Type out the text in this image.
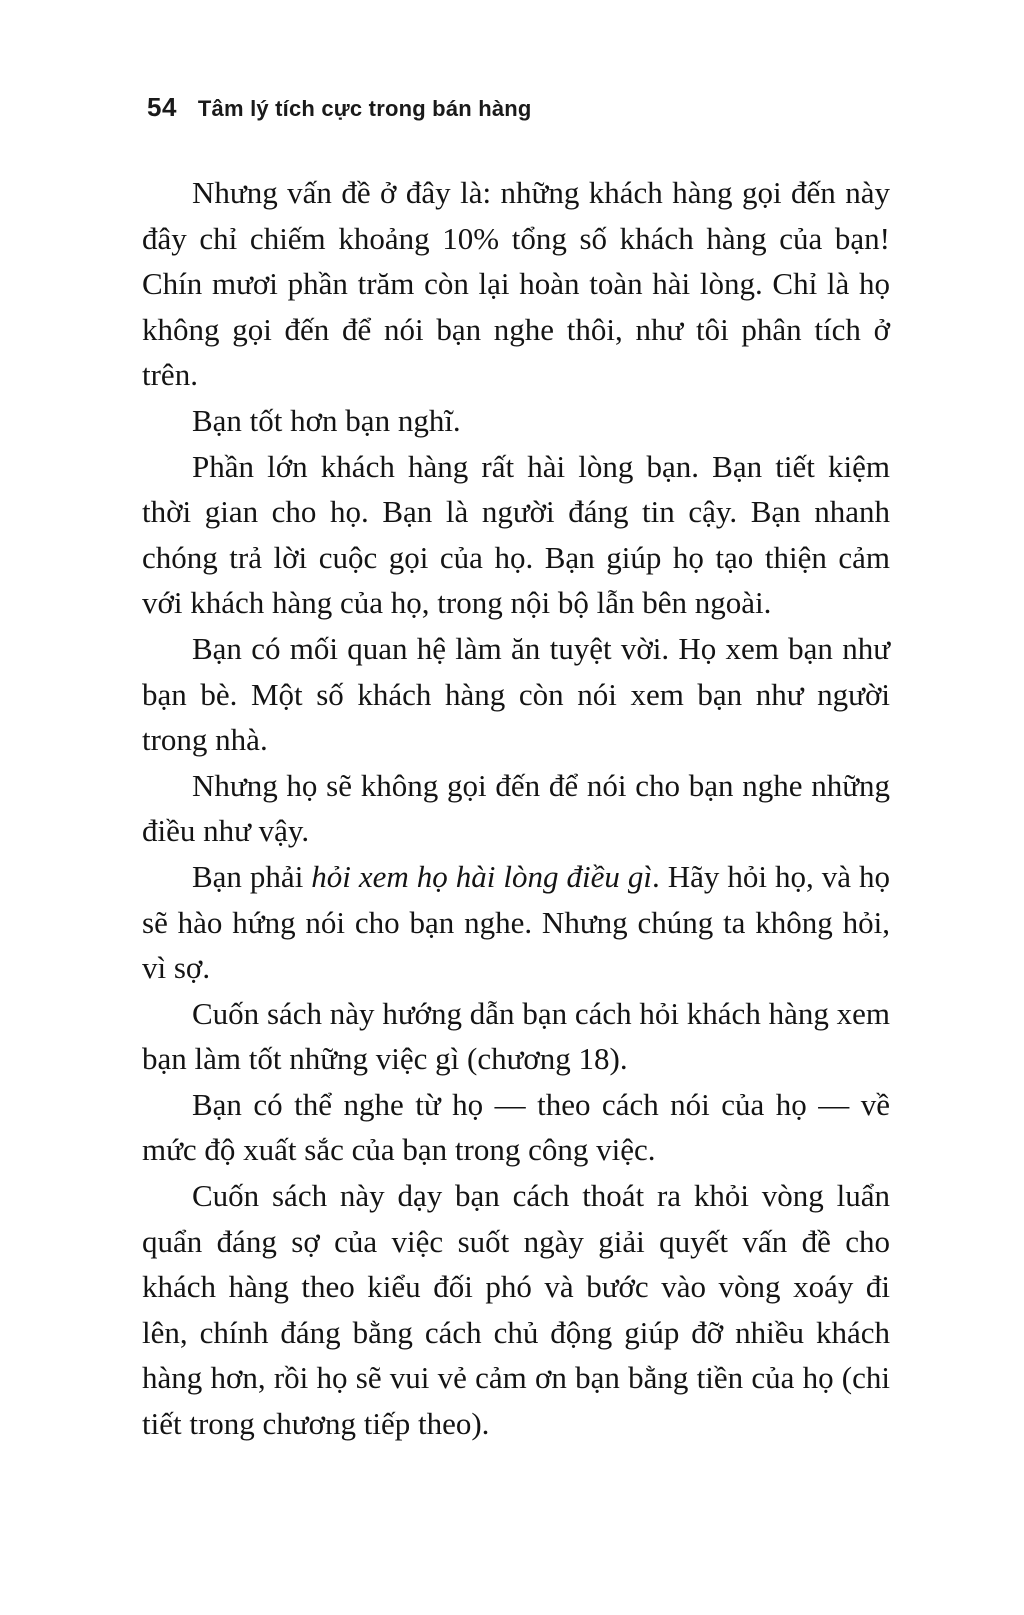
54 Tâm lý tích cực trong bán hàng

Nhưng vấn đề ở đây là: những khách hàng gọi đến này đây chỉ chiếm khoảng 10% tổng số khách hàng của bạn! Chín mươi phần trăm còn lại hoàn toàn hài lòng. Chỉ là họ không gọi đến để nói bạn nghe thôi, như tôi phân tích ở trên.

Bạn tốt hơn bạn nghĩ.

Phần lớn khách hàng rất hài lòng bạn. Bạn tiết kiệm thời gian cho họ. Bạn là người đáng tin cậy. Bạn nhanh chóng trả lời cuộc gọi của họ. Bạn giúp họ tạo thiện cảm với khách hàng của họ, trong nội bộ lẫn bên ngoài.

Bạn có mối quan hệ làm ăn tuyệt vời. Họ xem bạn như bạn bè. Một số khách hàng còn nói xem bạn như người trong nhà.

Nhưng họ sẽ không gọi đến để nói cho bạn nghe những điều như vậy.

Bạn phải hỏi xem họ hài lòng điều gì. Hãy hỏi họ, và họ sẽ hào hứng nói cho bạn nghe. Nhưng chúng ta không hỏi, vì sợ.

Cuốn sách này hướng dẫn bạn cách hỏi khách hàng xem bạn làm tốt những việc gì (chương 18).

Bạn có thể nghe từ họ — theo cách nói của họ — về mức độ xuất sắc của bạn trong công việc.

Cuốn sách này dạy bạn cách thoát ra khỏi vòng luẩn quẩn đáng sợ của việc suốt ngày giải quyết vấn đề cho khách hàng theo kiểu đối phó và bước vào vòng xoáy đi lên, chính đáng bằng cách chủ động giúp đỡ nhiều khách hàng hơn, rồi họ sẽ vui vẻ cảm ơn bạn bằng tiền của họ (chi tiết trong chương tiếp theo).
